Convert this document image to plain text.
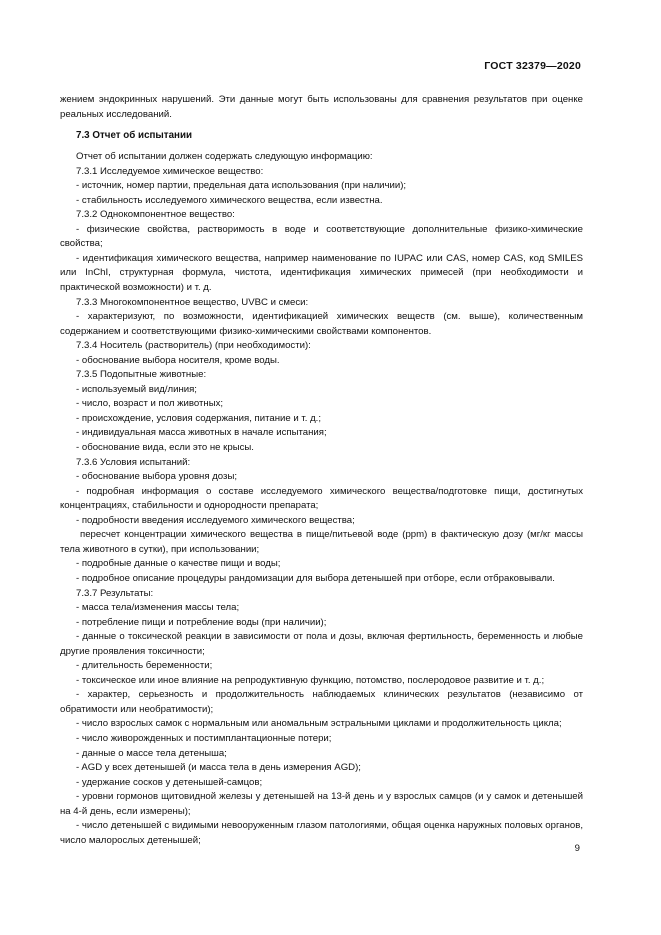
ГОСТ 32379—2020

жением эндокринных нарушений. Эти данные могут быть использованы для сравнения результатов при оценке реальных исследований.

7.3 Отчет об испытании

Отчет об испытании должен содержать следующую информацию:

7.3.1 Исследуемое химическое вещество:

- источник, номер партии, предельная дата использования (при наличии);

- стабильность исследуемого химического вещества, если известна.

7.3.2 Однокомпонентное вещество:

- физические свойства, растворимость в воде и соответствующие дополнительные физико-химические свойства;

- идентификация химического вещества, например наименование по IUPAC или CAS, номер CAS, код SMILES или InChI, структурная формула, чистота, идентификация химических примесей (при необходимости и практической возможности) и т. д.

7.3.3 Многокомпонентное вещество, UVBC и смеси:

- характеризуют, по возможности, идентификацией химических веществ (см. выше), количественным содержанием и соответствующими физико-химическими свойствами компонентов.

7.3.4 Носитель (растворитель) (при необходимости):

- обоснование выбора носителя, кроме воды.

7.3.5 Подопытные животные:

- используемый вид/линия;

- число, возраст и пол животных;

- происхождение, условия содержания, питание и т. д.;

- индивидуальная масса животных в начале испытания;

- обоснование вида, если это не крысы.

7.3.6 Условия испытаний:

- обоснование выбора уровня дозы;

- подробная информация о составе исследуемого химического вещества/подготовке пищи, достигнутых концентрациях, стабильности и однородности препарата;

- подробности введения исследуемого химического вещества;

пересчет концентрации химического вещества в пище/питьевой воде (ppm) в фактическую дозу (мг/кг массы тела животного в сутки), при использовании;

- подробные данные о качестве пищи и воды;

- подробное описание процедуры рандомизации для выбора детенышей при отборе, если отбраковывали.

7.3.7 Результаты:

- масса тела/изменения массы тела;

- потребление пищи и потребление воды (при наличии);

- данные о токсической реакции в зависимости от пола и дозы, включая фертильность, беременность и любые другие проявления токсичности;

- длительность беременности;

- токсическое или иное влияние на репродуктивную функцию, потомство, послеродовое развитие и т. д.;

- характер, серьезность и продолжительность наблюдаемых клинических результатов (независимо от обратимости или необратимости);

- число взрослых самок с нормальным или аномальным эстральными циклами и продолжительность цикла;

- число живорожденных и постимплантационные потери;

- данные о массе тела детеныша;

- AGD у всех детенышей (и масса тела в день измерения AGD);

- удержание сосков у детенышей-самцов;

- уровни гормонов щитовидной железы у детенышей на 13-й день и у взрослых самцов (и у самок и детенышей на 4-й день, если измерены);

- число детенышей с видимыми невооруженным глазом патологиями, общая оценка наружных половых органов, число малорослых детенышей;

9
